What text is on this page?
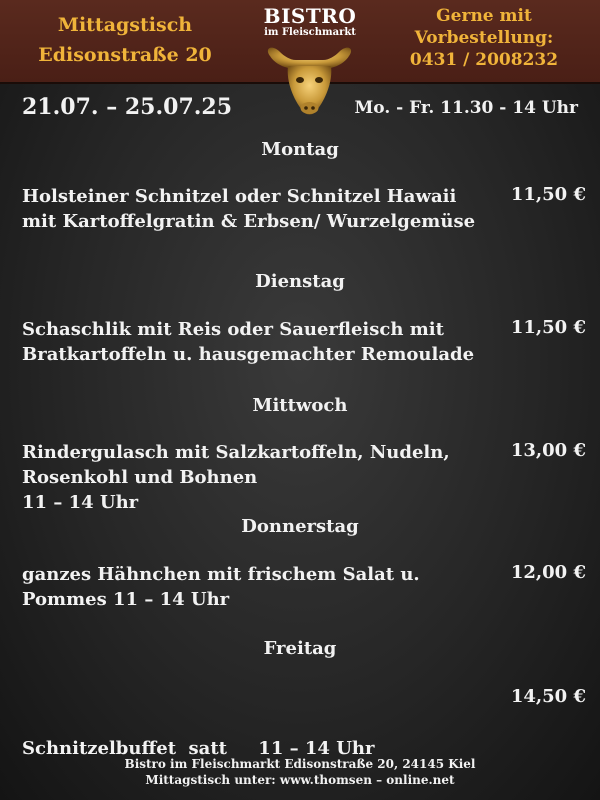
Mittagstisch
Edisonstraße 20
BISTRO
im Fleischmarkt
Gerne mit
Vorbestellung:
0431 / 2008232
21.07. – 25.07.25	Mo. - Fr. 11.30 - 14 Uhr
Montag
Holsteiner Schnitzel oder Schnitzel Hawaii
mit Kartoffelgratin & Erbsen/ Wurzelgemüse
11,50 €
Dienstag
Schaschlik mit Reis oder Sauerfleisch mit
Bratkartoffeln u. hausgemachter Remoulade
11,50 €
Mittwoch
Rindergulasch mit Salzkartoffeln, Nudeln,
Rosenkohl und Bohnen
11 – 14 Uhr
13,00 €
Donnerstag
ganzes Hähnchen mit frischem Salat u.
Pommes 11 – 14 Uhr
12,00 €
Freitag

Schnitzelbuffet  satt     11 – 14 Uhr

14,50 €
Bistro im Fleischmarkt Edisonstraße 20, 24145 Kiel
Mittagstisch unter: www.thomsen – online.net
